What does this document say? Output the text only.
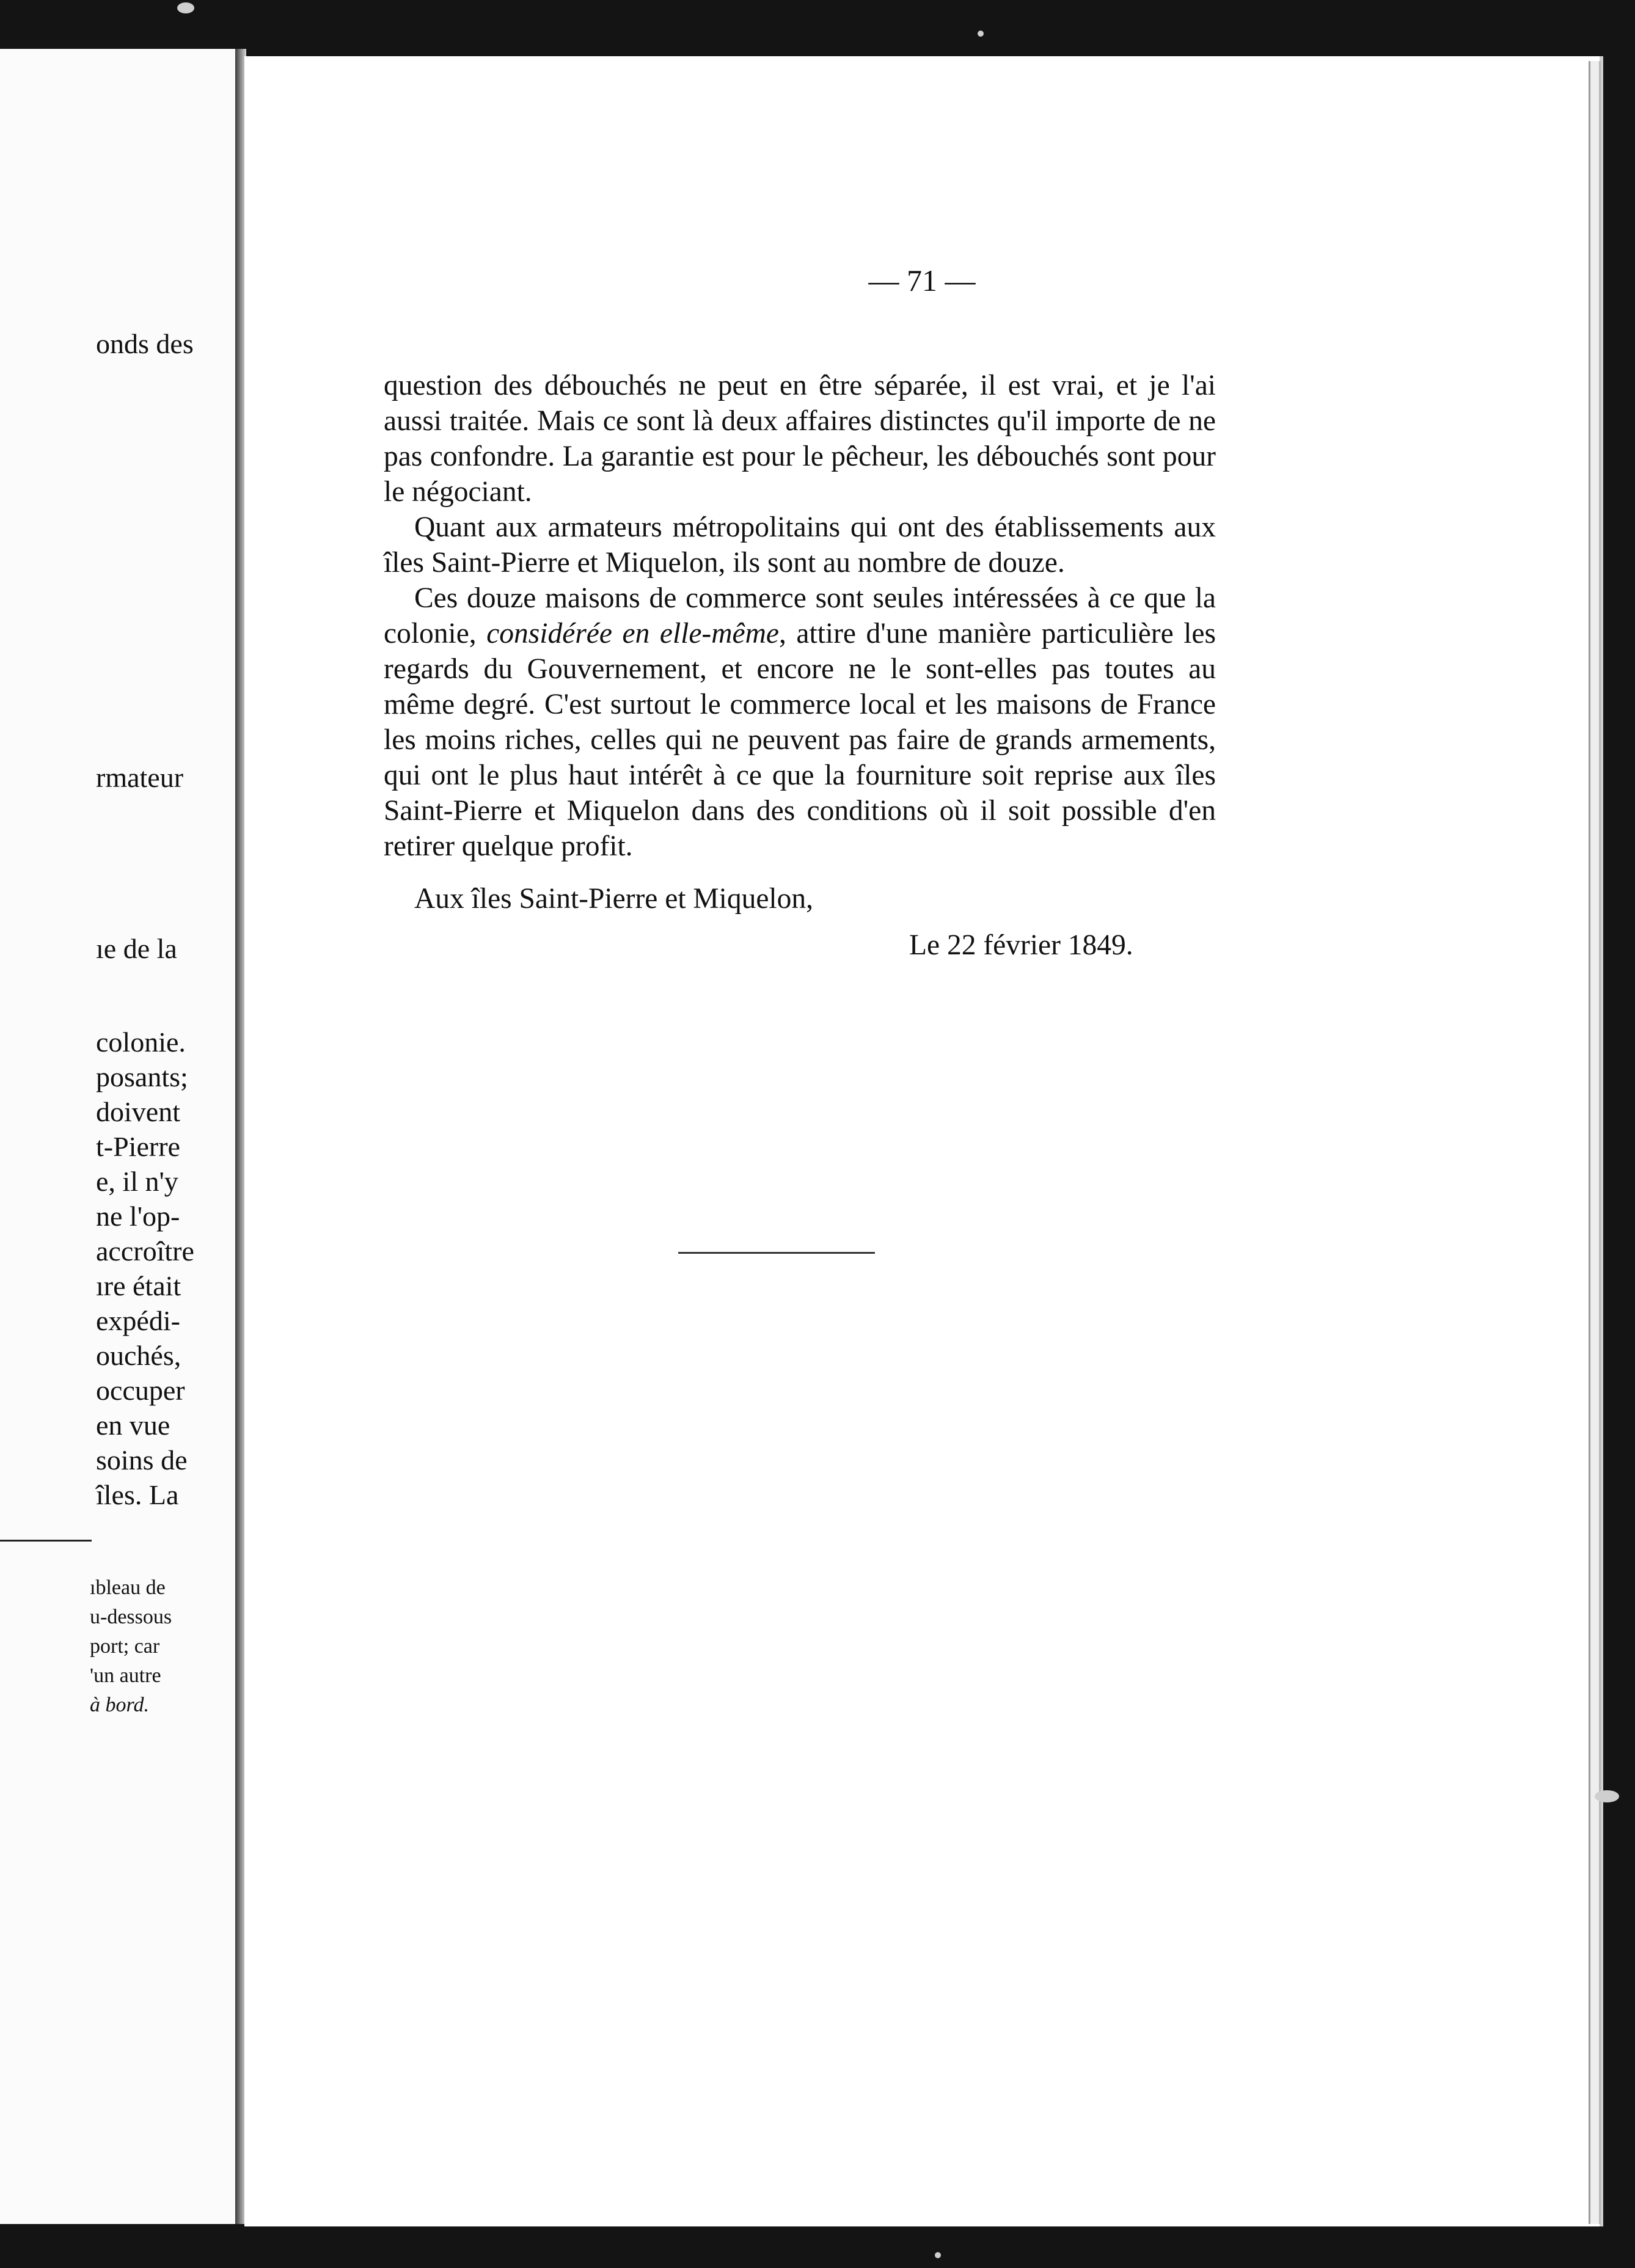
onds des
rmateur
ıe de la
colonie.
posants;
doivent
t-Pierre
e, il n'y
ne l'op-
accroître
ıre était
expédi-
ouchés,
occuper
en vue
soins de
îles. La
ıbleau de
u-dessous
port; car
'un autre
à bord.
— 71 —

question des débouchés ne peut en être séparée, il est vrai, et je l'ai aussi traitée. Mais ce sont là deux affaires distinctes qu'il importe de ne pas confondre. La garantie est pour le pêcheur, les débouchés sont pour le négociant.

Quant aux armateurs métropolitains qui ont des établissements aux îles Saint-Pierre et Miquelon, ils sont au nombre de douze.

Ces douze maisons de commerce sont seules intéressées à ce que la colonie, considérée en elle-même, attire d'une manière particulière les regards du Gouvernement, et encore ne le sont-elles pas toutes au même degré. C'est surtout le commerce local et les maisons de France les moins riches, celles qui ne peuvent pas faire de grands armements, qui ont le plus haut intérêt à ce que la fourniture soit reprise aux îles Saint-Pierre et Miquelon dans des conditions où il soit possible d'en retirer quelque profit.

Aux îles Saint-Pierre et Miquelon,
Le 22 février 1849.
